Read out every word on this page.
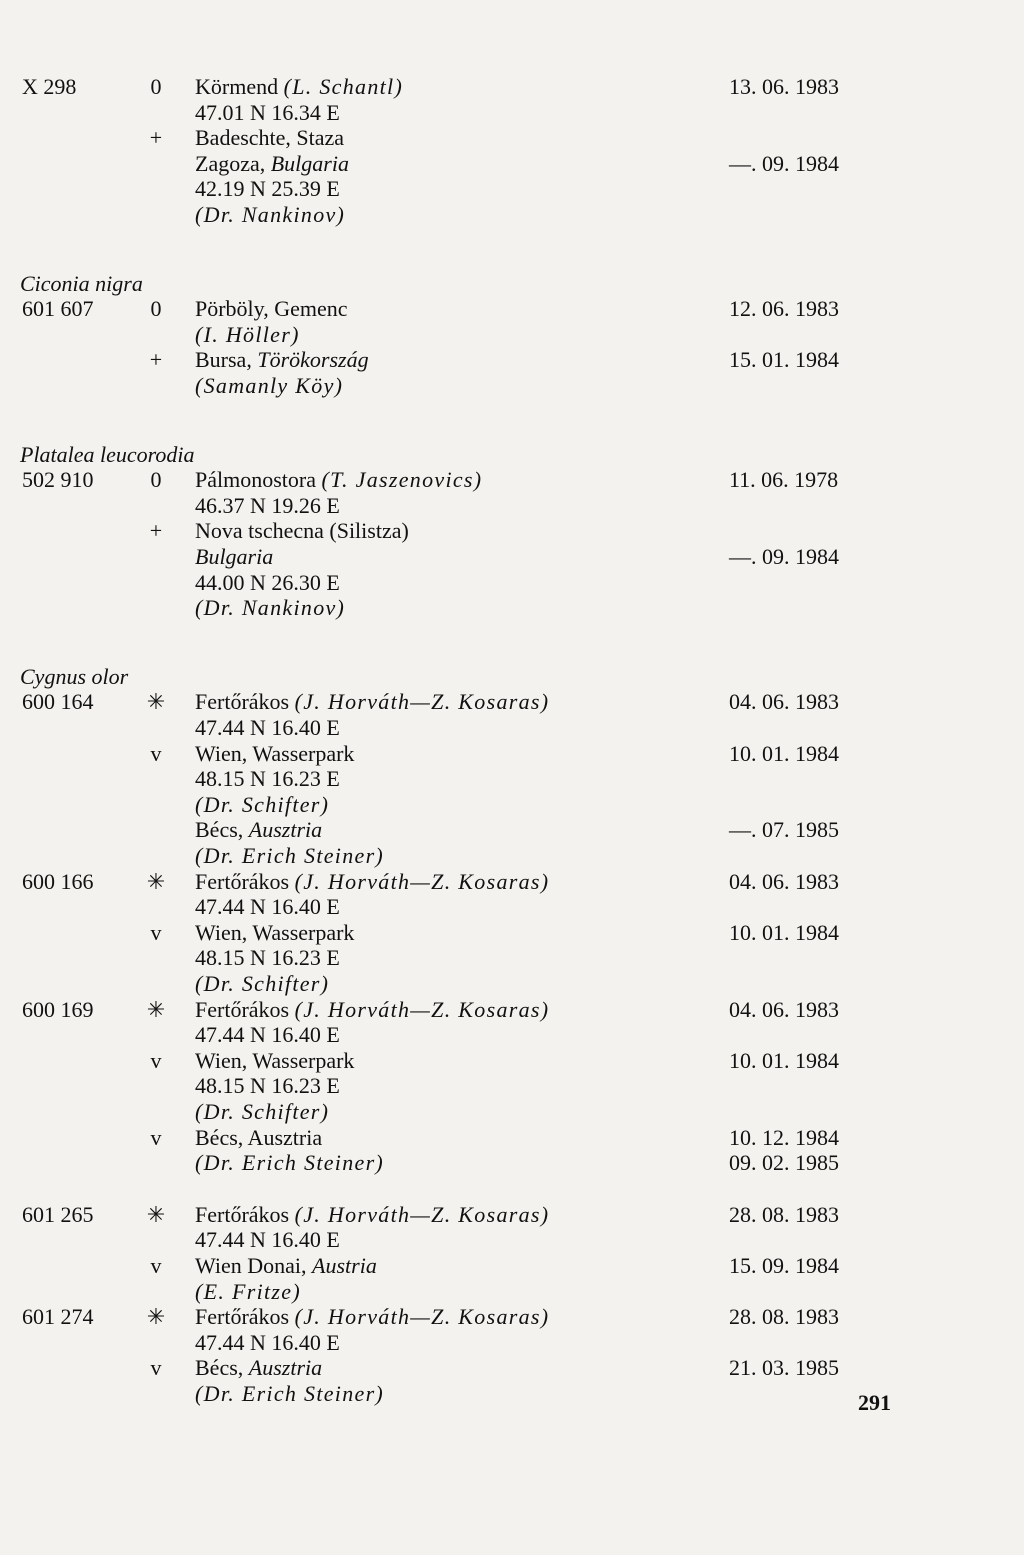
291
X 298	0	Körmend (L. Schantl)	13. 06. 1983
47.01 N 16.34 E
+	Badeschte, Staza
Zagoza, Bulgaria	—. 09. 1984
42.19 N 25.39 E
(Dr. Nankinov)
Ciconia nigra
601 607	0	Pörböly, Gemenc	12. 06. 1983
(I. Höller)
+	Bursa, Törökország	15. 01. 1984
(Samanly Köy)
Platalea leucorodia
502 910	0	Pálmonostora (T. Jaszenovics)	11. 06. 1978
46.37 N 19.26 E
+	Nova tschecna (Silistza)
Bulgaria	—. 09. 1984
44.00 N 26.30 E
(Dr. Nankinov)
Cygnus olor
600 164 ✳ Fertőrákos (J. Horváth—Z. Kosaras)	04. 06. 1983
47.44 N 16.40 E
v	Wien, Wasserpark	10. 01. 1984
48.15 N 16.23 E
(Dr. Schifter)
Bécs, Ausztria	—. 07. 1985
(Dr. Erich Steiner)
600 166 ✳ Fertőrákos (J. Horváth—Z. Kosaras)	04. 06. 1983
47.44 N 16.40 E
v	Wien, Wasserpark	10. 01. 1984
48.15 N 16.23 E
(Dr. Schifter)
600 169 ✳ Fertőrákos (J. Horváth—Z. Kosaras)	04. 06. 1983
47.44 N 16.40 E
v	Wien, Wasserpark	10. 01. 1984
48.15 N 16.23 E
(Dr. Schifter)
v	Bécs, Ausztria	10. 12. 1984
(Dr. Erich Steiner)	09. 02. 1985
601 265 ✳ Fertőrákos (J. Horváth—Z. Kosaras)	28. 08. 1983
47.44 N 16.40 E
v	Wien Donai, Austria	15. 09. 1984
(E. Fritze)
601 274 ✳ Fertőrákos (J. Horváth—Z. Kosaras)	28. 08. 1983
47.44 N 16.40 E
v	Bécs, Ausztria	21. 03. 1985
(Dr. Erich Steiner)
